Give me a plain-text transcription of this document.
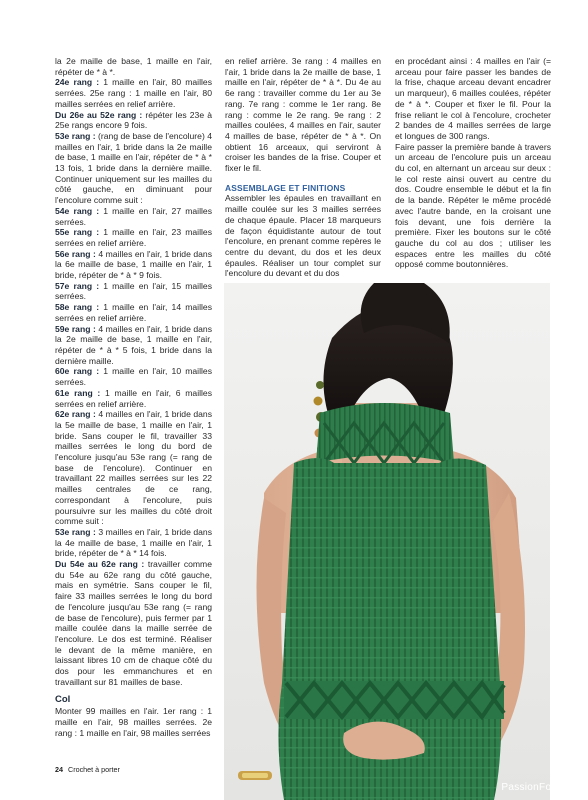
la 2e maille de base, 1 maille en l'air, répéter de * à *.

24e rang : 1 maille en l'air, 80 mailles serrées. 25e rang : 1 maille en l'air, 80 mailles serrées en relief arrière.

Du 26e au 52e rang : répéter les 23e à 25e rangs encore 9 fois.

53e rang : (rang de base de l'encolure) 4 mailles en l'air, 1 bride dans la 2e maille de base, 1 maille en l'air, répéter de * à * 13 fois, 1 bride dans la dernière maille. Continuer uniquement sur les mailles du côté gauche, en diminuant pour l'encolure comme suit :

54e rang : 1 maille en l'air, 27 mailles serrées.

55e rang : 1 maille en l'air, 23 mailles serrées en relief arrière.

56e rang : 4 mailles en l'air, 1 bride dans la 6e maille de base, 1 maille en l'air, 1 bride, répéter de * à * 9 fois.

57e rang : 1 maille en l'air, 15 mailles serrées.

58e rang : 1 maille en l'air, 14 mailles serrées en relief arrière.

59e rang : 4 mailles en l'air, 1 bride dans la 2e maille de base, 1 maille en l'air, répéter de * à * 5 fois, 1 bride dans la dernière maille.

60e rang : 1 maille en l'air, 10 mailles serrées.

61e rang : 1 maille en l'air, 6 mailles serrées en relief arrière.

62e rang : 4 mailles en l'air, 1 bride dans la 5e maille de base, 1 maille en l'air, 1 bride. Sans couper le fil, travailler 33 mailles serrées le long du bord de l'encolure jusqu'au 53e rang (= rang de base de l'encolure). Continuer en travaillant 22 mailles serrées sur les 22 mailles centrales de ce rang, correspondant à l'encolure, puis poursuivre sur les mailles du côté droit comme suit :

53e rang : 3 mailles en l'air, 1 bride dans la 4e maille de base, 1 maille en l'air, 1 bride, répéter de * à * 14 fois.

Du 54e au 62e rang : travailler comme du 54e au 62e rang du côté gauche, mais en symétrie. Sans couper le fil, faire 33 mailles serrées le long du bord de l'encolure jusqu'au 53e rang (= rang de base de l'encolure), puis fermer par 1 maille coulée dans la maille serrée de l'encolure. Le dos est terminé. Réaliser le devant de la même manière, en laissant libres 10 cm de chaque côté du dos pour les emmanchures et en travaillant sur 81 mailles de base.

Col

Monter 99 mailles en l'air. 1er rang : 1 maille en l'air, 98 mailles serrées. 2e rang : 1 maille en l'air, 98 mailles serrées

en relief arrière. 3e rang : 4 mailles en l'air, 1 bride dans la 2e maille de base, 1 maille en l'air, répéter de * à *. Du 4e au 6e rang : travailler comme du 1er au 3e rang. 7e rang : comme le 1er rang. 8e rang : comme le 2e rang. 9e rang : 2 mailles coulées, 4 mailles en l'air, sauter 4 mailles de base, répéter de * à *. On obtient 16 arceaux, qui serviront à croiser les bandes de la frise. Couper et fixer le fil.

ASSEMBLAGE ET FINITIONS

Assembler les épaules en travaillant en maille coulée sur les 3 mailles serrées de chaque épaule. Placer 18 marqueurs de façon équidistante autour de tout l'encolure, en prenant comme repères le centre du devant, du dos et les deux épaules. Réaliser un tour complet sur l'encolure du devant et du dos

en procédant ainsi : 4 mailles en l'air (= arceau pour faire passer les bandes de la frise, chaque arceau devant encadrer un marqueur), 6 mailles coulées, répéter de * à *. Couper et fixer le fil. Pour la frise reliant le col à l'encolure, crocheter 2 bandes de 4 mailles serrées de large et longues de 300 rangs.

Faire passer la première bande à travers un arceau de l'encolure puis un arceau du col, en alternant un arceau sur deux : le col reste ainsi ouvert au centre du dos. Coudre ensemble le début et la fin de la bande. Répéter le même procédé avec l'autre bande, en la croisant une fois devant, une fois derrière la première. Fixer les boutons sur le côté gauche du col au dos ; utiliser les espaces entre les mailles du côté opposé comme boutonnières.

24 Crochet à porter
PassionForum.ru
